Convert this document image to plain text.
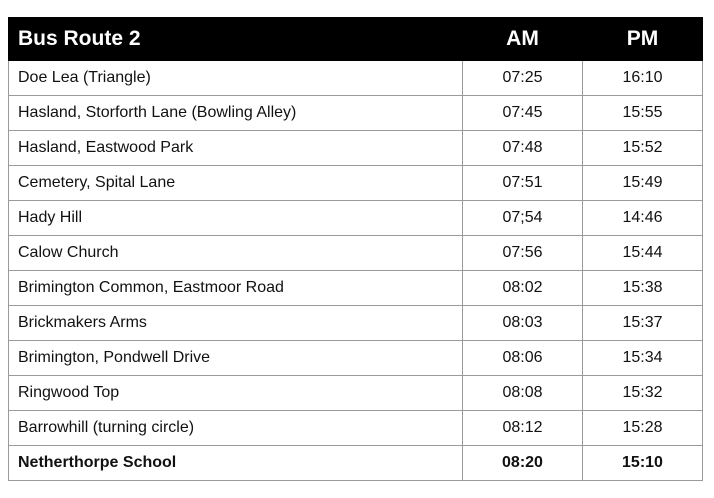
Bus Route 2	AM	PM
Doe Lea (Triangle)	07:25	16:10
Hasland, Storforth Lane (Bowling Alley)	07:45	15:55
Hasland, Eastwood Park	07:48	15:52
Cemetery, Spital Lane	07:51	15:49
Hady Hill	07;54	14:46
Calow Church	07:56	15:44
Brimington Common, Eastmoor Road	08:02	15:38
Brickmakers Arms	08:03	15:37
Brimington, Pondwell Drive	08:06	15:34
Ringwood Top	08:08	15:32
Barrowhill (turning circle)	08:12	15:28
Netherthorpe School	08:20	15:10
